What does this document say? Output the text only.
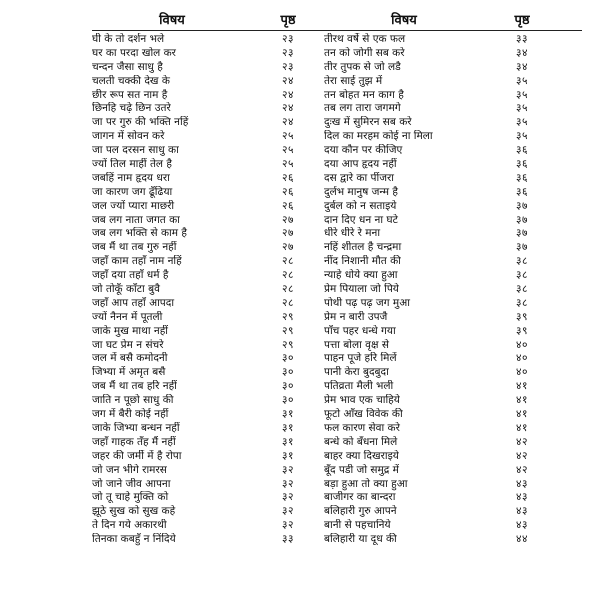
विषय	पृष्ठ	विषय	पृष्ठ
घी के तो दर्शन भले	२३	तीरथ वर्षे से एक फल	३३
घर का परदा खोल कर	२३	तन को जोगी सब करे	३४
चन्दन जैसा साधु है	२३	तीर तुपक से जो लडै	३४
चलती चक्की देख के	२४	तेरा साई तुझ में	३५
छीर रूप सत नाम है	२४	तन बोहत मन काग है	३५
छिनहि चढ़े छिन उतरे	२४	तब लग तारा जगमगे	३५
जा पर गुरु की भक्ति नहिं	२४	दुःख में सुमिरन सब करे	३५
जागन में सोवन करे	२५	दिल का मरहम कोई ना मिला	३५
जा पल दरसन साधु का	२५	दया कौन पर कीजिए	३६
ज्यों तिल माहीं तेल है	२५	दया आप हृदय नहीं	३६
जबहिं नाम हृदय धरा	२६	दस द्वारे का पींजरा	३६
जा कारण जग ढूँढिया	२६	दुर्लभ मानुष जन्म है	३६
जल ज्यों प्यारा माछरी	२६	दुर्बल को न सताइये	३७
जब लग नाता जगत का	२७	दान दिए धन ना घटे	३७
जब लग भक्ति से काम है	२७	धीरे धीरे रे मना	३७
जब मैं था तब गुरु नहीं	२७	नहिं शीतल है चन्द्रमा	३७
जहाँ काम तहाँ नाम नहिं	२८	नींद निशानी मौत की	३८
जहाँ दया तहाँ धर्म है	२८	न्याहे धोये क्या हुआ	३८
जो तोकूँ काँटा बुवै	२८	प्रेम पियाला जो पिये	३८
जहाँ आप तहाँ आपदा	२८	पोथी पढ़ पढ़ जग मुआ	३८
ज्यों नैनन में पूतली	२९	प्रेम न बारी उपजै	३९
जाके मुख माथा नहीं	२९	पाँच पहर धन्धे गया	३९
जा घट प्रेम न संचरे	२९	पत्ता बोला वृक्ष से	४०
जल में बसै कमोदनी	३०	पाहन पूजे हरि मिलें	४०
जिभ्या में अमृत बसै	३०	पानी केरा बुदबुदा	४०
जब मैं था तब हरि नहीं	३०	पतिव्रता मैली भली	४१
जाति न पूछो साधु की	३०	प्रेम भाव एक चाहिये	४१
जग में बैरी कोई नहीं	३१	फूटो आँख विवेक की	४१
जाके जिभ्या बन्धन नहीं	३१	फल कारण सेवा करे	४१
जहाँ गाहक तँह मैं नहीं	३१	बन्धे को बँधना मिले	४२
जहर की जर्मी में है रोपा	३१	बाहर क्या दिखराइये	४२
जो जन भीगे रामरस	३२	बूँद पडी जो समुद्र में	४२
जो जाने जीव आपना	३२	बड़ा हुआ तो क्या हुआ	४३
जो तू चाहे मुक्ति को	३२	बाजीगर का बान्दरा	४३
झूठे सुख को सुख कहे	३२	बलिहारी गुरु आपने	४३
ते दिन गये अकारथी	३२	बानी से पहचानिये	४३
तिनका कबहुँ न निंदिये	३३	बलिहारी या दूध की	४४
